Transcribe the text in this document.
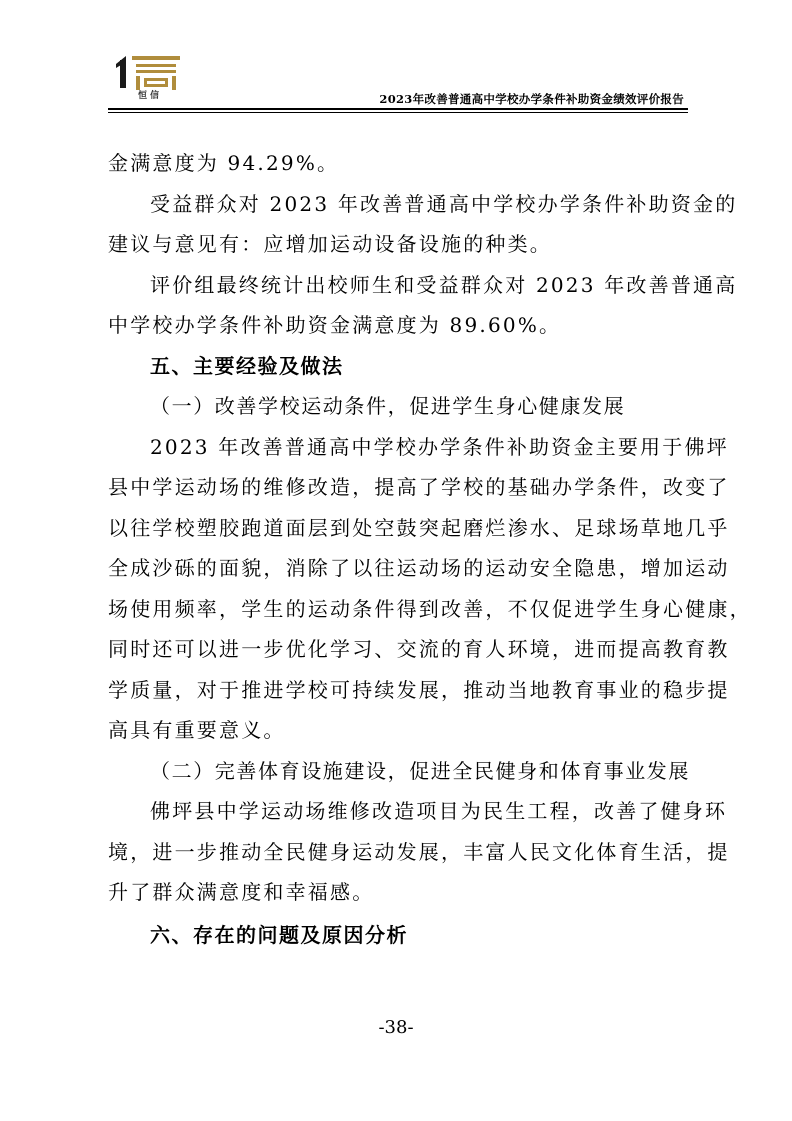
恒信	2023年改善普通高中学校办学条件补助资金绩效评价报告
金满意度为 94.29%。
受益群众对 2023 年改善普通高中学校办学条件补助资金的
建议与意见有：应增加运动设备设施的种类。
评价组最终统计出校师生和受益群众对 2023 年改善普通高
中学校办学条件补助资金满意度为 89.60%。
五、主要经验及做法
（一）改善学校运动条件，促进学生身心健康发展
2023 年改善普通高中学校办学条件补助资金主要用于佛坪
县中学运动场的维修改造，提高了学校的基础办学条件，改变了
以往学校塑胶跑道面层到处空鼓突起磨烂渗水、足球场草地几乎
全成沙砾的面貌，消除了以往运动场的运动安全隐患，增加运动
场使用频率，学生的运动条件得到改善，不仅促进学生身心健康，
同时还可以进一步优化学习、交流的育人环境，进而提高教育教
学质量，对于推进学校可持续发展，推动当地教育事业的稳步提
高具有重要意义。
（二）完善体育设施建设，促进全民健身和体育事业发展
佛坪县中学运动场维修改造项目为民生工程，改善了健身环
境，进一步推动全民健身运动发展，丰富人民文化体育生活，提
升了群众满意度和幸福感。
六、存在的问题及原因分析
-38-
